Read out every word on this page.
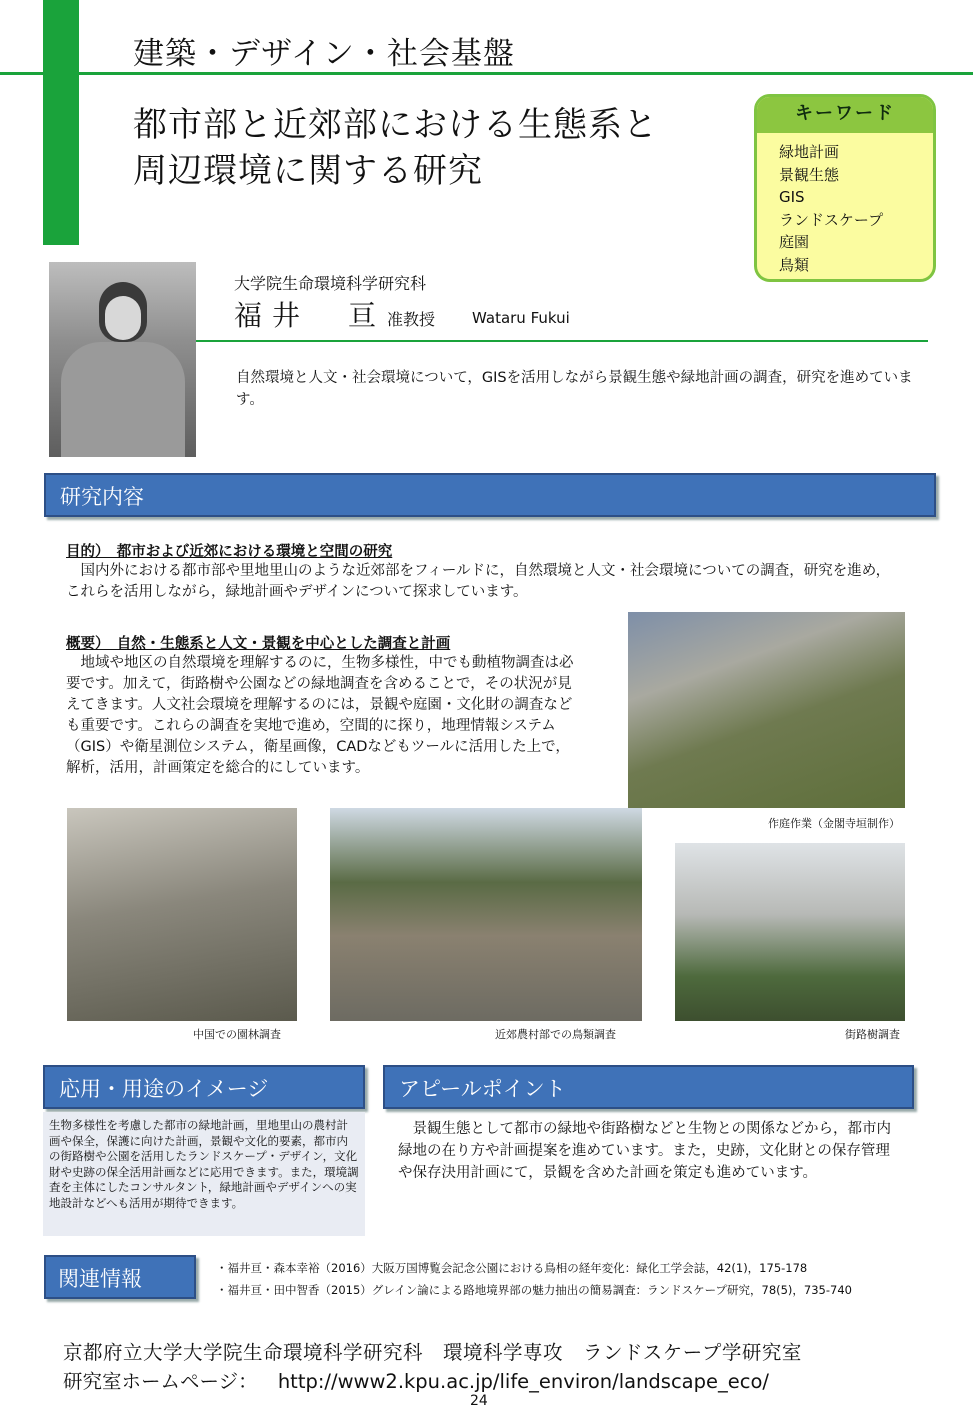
建築・デザイン・社会基盤
都市部と近郊部における生態系と
周辺環境に関する研究
キーワード
緑地計画
景観生態
GIS
ランドスケープ
庭園
鳥類
大学院生命環境科学研究科
福井　亘 准教授 Wataru Fukui
自然環境と人文・社会環境について，GISを活用しながら景観生態や緑地計画の調査，研究を進めています。
研究内容
目的）　都市および近郊における環境と空間の研究
　国内外における都市部や里地里山のような近郊部をフィールドに，自然環境と人文・社会環境についての調査，研究を進め，これらを活用しながら，緑地計画やデザインについて探求しています。
概要）　自然・生態系と人文・景観を中心とした調査と計画
　地域や地区の自然環境を理解するのに，生物多様性，中でも動植物調査は必要です。加えて，街路樹や公園などの緑地調査を含めることで，その状況が見えてきます。人文社会環境を理解するのには，景観や庭園・文化財の調査なども重要です。これらの調査を実地で進め，空間的に探り，地理情報システム（GIS）や衛星測位システム，衛星画像，CADなどもツールに活用した上で，解析，活用，計画策定を総合的にしています。
作庭作業（金閣寺垣制作）
中国での園林調査	近郊農村部での鳥類調査	街路樹調査
応用・用途のイメージ	アピールポイント
生物多様性を考慮した都市の緑地計画，里地里山の農村計画や保全，保護に向けた計画，景観や文化的要素，都市内の街路樹や公園を活用したランドスケープ・デザイン，文化財や史跡の保全活用計画などに応用できます。また，環境調査を主体にしたコンサルタント，緑地計画やデザインへの実地設計などへも活用が期待できます。
　景観生態として都市の緑地や街路樹などと生物との関係などから，都市内緑地の在り方や計画提案を進めています。また，史跡，文化財との保存管理や保存決用計画にて，景観を含めた計画を策定も進めています。
関連情報	・福井亘・森本幸裕（2016）大阪万国博覧会記念公園における鳥相の経年変化：緑化工学会誌，42(1)，175-178
・福井亘・田中智香（2015）グレイン論による路地境界部の魅力抽出の簡易調査：ランドスケープ研究，78(5)，735-740
京都府立大学大学院生命環境科学研究科　環境科学専攻　ランドスケープ学研究室
研究室ホームページ： http://www2.kpu.ac.jp/life_environ/landscape_eco/
24
